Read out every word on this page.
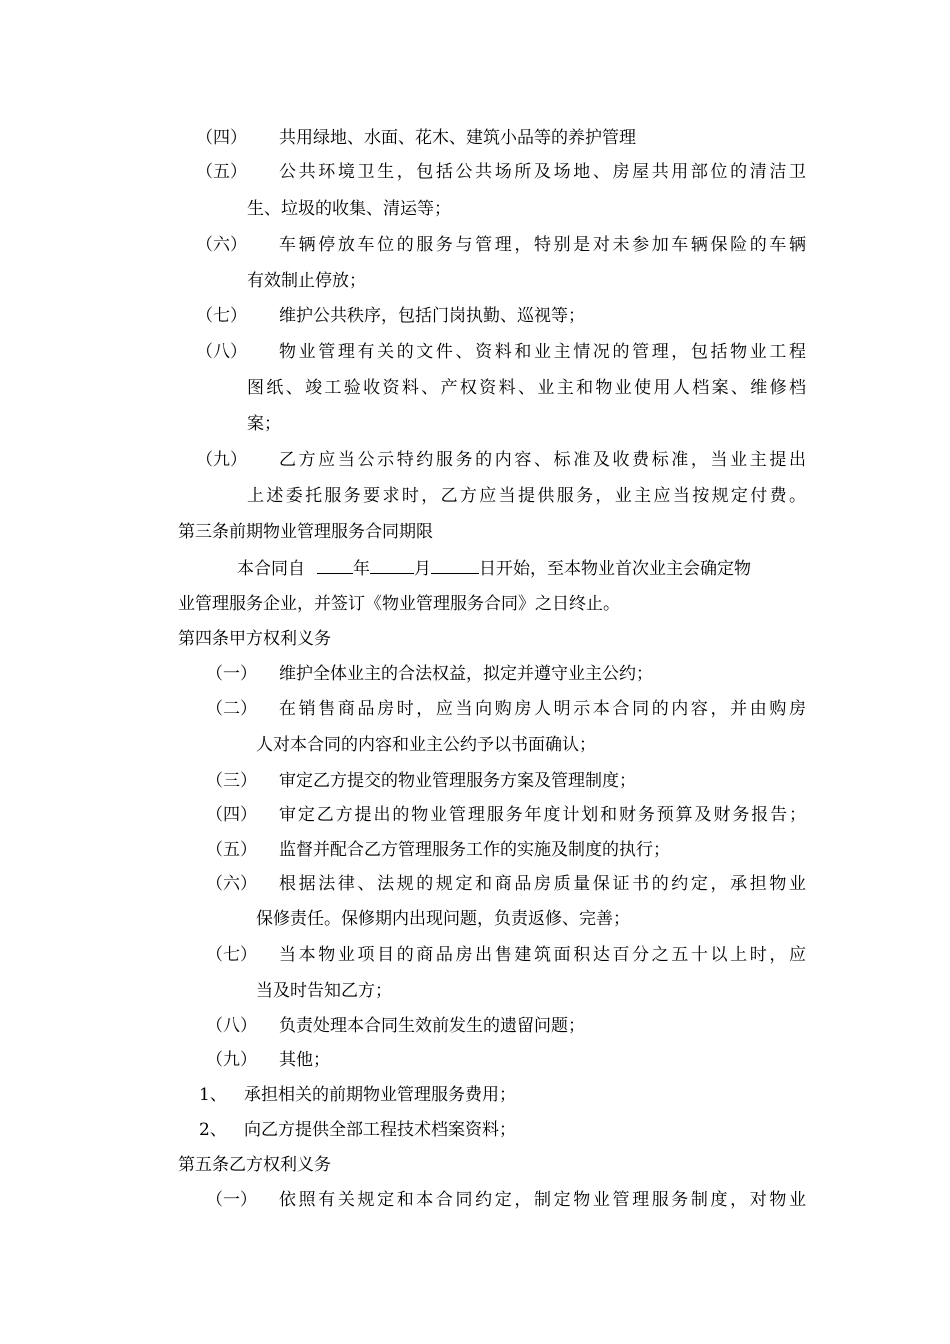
（四） 共用绿地、水面、花木、建筑小品等的养护管理
（五） 公共环境卫生，包括公共场所及场地、房屋共用部位的清洁卫
生、垃圾的收集、清运等；
（六） 车辆停放车位的服务与管理，特别是对未参加车辆保险的车辆
有效制止停放；
（七） 维护公共秩序，包括门岗执勤、巡视等；
（八） 物业管理有关的文件、资料和业主情况的管理，包括物业工程
图纸、竣工验收资料、产权资料、业主和物业使用人档案、维修档
案；
（九） 乙方应当公示特约服务的内容、标准及收费标准，当业主提出
上述委托服务要求时，乙方应当提供服务，业主应当按规定付费。
第三条前期物业管理服务合同期限
本合同自	年	月	日开始，至本物业首次业主会确定物
业管理服务企业，并签订《物业管理服务合同》之日终止。
第四条甲方权利义务
（一） 维护全体业主的合法权益，拟定并遵守业主公约；
（二） 在销售商品房时，应当向购房人明示本合同的内容，并由购房
人对本合同的内容和业主公约予以书面确认；
（三） 审定乙方提交的物业管理服务方案及管理制度；
（四） 审定乙方提出的物业管理服务年度计划和财务预算及财务报告；
（五） 监督并配合乙方管理服务工作的实施及制度的执行；
（六） 根据法律、法规的规定和商品房质量保证书的约定，承担物业
保修责任。保修期内出现问题，负责返修、完善；
（七） 当本物业项目的商品房出售建筑面积达百分之五十以上时，应
当及时告知乙方；
（八） 负责处理本合同生效前发生的遗留问题；
（九） 其他；
1、 承担相关的前期物业管理服务费用；
2、 向乙方提供全部工程技术档案资料；
第五条乙方权利义务
（一） 依照有关规定和本合同约定，制定物业管理服务制度，对物业
